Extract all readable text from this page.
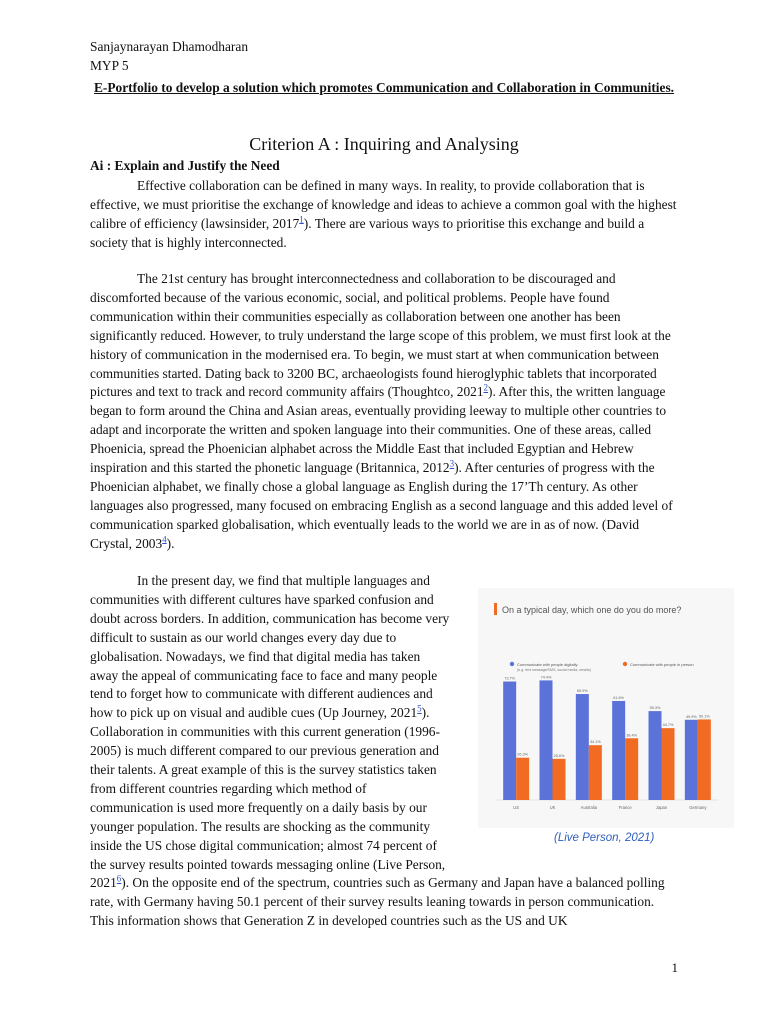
Sanjaynarayan Dhamodharan
MYP 5
E-Portfolio to develop a solution which promotes Communication and Collaboration in Communities.
Criterion A : Inquiring and Analysing
Ai : Explain and Justify the Need
Effective collaboration can be defined in many ways. In reality, to provide collaboration that is effective, we must prioritise the exchange of knowledge and ideas to achieve a common goal with the highest calibre of efficiency (lawsinsider, 2017$^1$). There are various ways to prioritise this exchange and build a society that is highly interconnected.
The 21st century has brought interconnectedness and collaboration to be discouraged and discomforted because of the various economic, social, and political problems. People have found communication within their communities especially as collaboration between one another has been significantly reduced. However, to truly understand the large scope of this problem, we must first look at the history of communication in the modernised era. To begin, we must start at when communication between communities started. Dating back to 3200 BC, archaeologists found hieroglyphic tablets that incorporated pictures and text to track and record community affairs (Thoughtco, 2021$^2$). After this, the written language began to form around the China and Asian areas, eventually providing leeway to multiple other countries to adapt and incorporate the written and spoken language into their communities. One of these areas, called Phoenicia, spread the Phoenician alphabet across the Middle East that included Egyptian and Hebrew inspiration and this started the phonetic language (Britannica, 2012$^3$). After centuries of progress with the Phoenician alphabet, we finally chose a global language as English during the 17’Th century. As other languages also progressed, many focused on embracing English as a second language and this added level of communication sparked globalisation, which eventually leads to the world we are in as of now. (David Crystal, 2003$^4$).
In the present day, we find that multiple languages and
communities with different cultures have sparked confusion and
doubt across borders. In addition, communication has become very
difficult to sustain as our world changes every day due to
globalisation. Nowadays, we find that digital media has taken
away the appeal of communicating face to face and many people
tend to forget how to communicate with different audiences and
how to pick up on visual and audible cues (Up Journey, 2021$^5$).
Collaboration in communities with this current generation (1996-
2005) is much different compared to our previous generation and
their talents. A great example of this is the survey statistics taken
from different countries regarding which method of
communication is used more frequently on a daily basis by our
younger population. The results are shocking as the community
inside the US chose digital communication; almost 74 percent of
the survey results pointed towards messaging online (Live Person,
2021$^6$). On the opposite end of the spectrum, countries such as Germany and Japan have a balanced polling rate, with Germany having 50.1 percent of their survey results leaning towards in person communication. This information shows that Generation Z in developed countries such as the US and UK
On a typical day, which one do you do more?
Communicate with people digitally
(e.g. text message/SMS, social media, emails)
Communicate with people in person
73.7%
26.3%
US
74.4%
25.6%
UK
65.9%
34.1%
Australia
61.6%
38.4%
France
55.3%
44.7%
Japan
49.9% 50.1%
Germany
(Live Person, 2021)
1
